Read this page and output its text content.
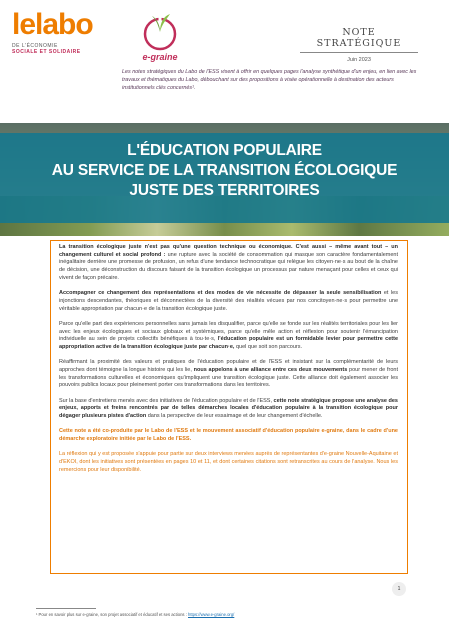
lelabo
DE L'ÉCONOMIE
SOCIALE ET SOLIDAIRE	e-graine
NOTE STRATÉGIQUE
Juin 2023
Les notes stratégiques du Labo de l'ESS visent à offrir en quelques pages l'analyse synthétique d'un enjeu, en lien avec les travaux et thématiques du Labo, débouchant sur des propositions à visée opérationnelle à destination des acteurs institutionnels clés concernés¹.
L'ÉDUCATION POPULAIRE
AU SERVICE DE LA TRANSITION ÉCOLOGIQUE
JUSTE DES TERRITOIRES

La transition écologique juste n'est pas qu'une question technique ou économique. C'est aussi – même avant tout – un changement culturel et social profond : une rupture avec la société de consommation qui masque son caractère fondamentalement inégalitaire derrière une promesse de profusion, un refus d'une tendance technocratique qui relègue les citoyen·ne·s au bout de la chaîne de décision, une déconstruction du discours faisant de la transition écologique un processus par nature menaçant pour celles et ceux qui vivent de façon précaire.

Accompagner ce changement des représentations et des modes de vie nécessite de dépasser la seule sensibilisation et les injonctions descendantes, théoriques et déconnectées de la diversité des réalités vécues par nos concitoyen·ne·s pour permettre une véritable appropriation par chacun·e de la transition écologique juste.

Parce qu'elle part des expériences personnelles sans jamais les disqualifier, parce qu'elle se fonde sur les réalités territoriales pour les lier avec les enjeux écologiques et sociaux globaux et systémiques, parce qu'elle mêle action et réflexion pour soutenir l'émancipation individuelle au sein de projets collectifs bénéfiques à tou·te·s, l'éducation populaire est un formidable levier pour permettre cette appropriation active de la transition écologique juste par chacun·e, quel que soit son parcours.

Réaffirmant la proximité des valeurs et pratiques de l'éducation populaire et de l'ESS et insistant sur la complémentarité de leurs approches dont témoigne la longue histoire qui les lie, nous appelons à une alliance entre ces deux mouvements pour mener de front les transformations culturelles et économiques qu'impliquent une transition écologique juste. Cette alliance doit également associer les pouvoirs publics locaux pour pleinement porter ces transformations dans les territoires.

Sur la base d'entretiens menés avec des initiatives de l'éducation populaire et de l'ESS, cette note stratégique propose une analyse des enjeux, apports et freins rencontrés par de telles démarches locales d'éducation populaire à la transition écologique pour dégager plusieurs pistes d'action dans la perspective de leur essaimage et de leur changement d'échelle.

Cette note a été co-produite par le Labo de l'ESS et le mouvement associatif d'éducation populaire e-graine, dans le cadre d'une démarche exploratoire initiée par le Labo de l'ESS.

La réflexion qui y est proposée s'appuie pour partie sur deux interviews menées auprès de représentantes d'e-graine Nouvelle-Aquitaine et d'EKOI, dont les initiatives sont présentées en pages 10 et 11, et dont certaines citations sont retranscrites au cours de l'analyse. Nous les remercions pour leur disponibilité.

1
¹ Pour en savoir plus sur e-graine, son projet associatif et éducatif et ses actions : https://www.e-graine.org/
